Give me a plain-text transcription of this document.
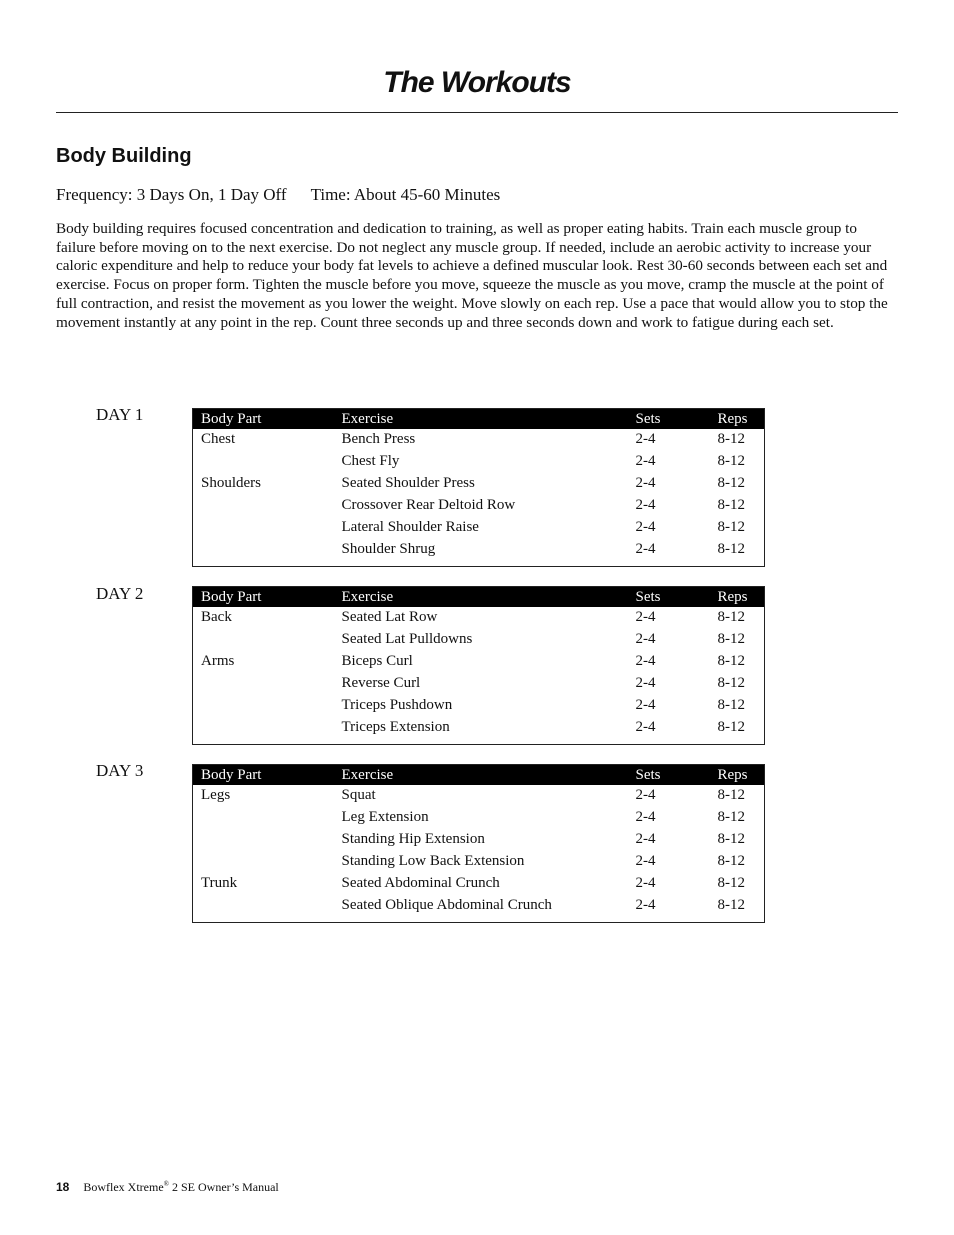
The Workouts
Body Building
Frequency: 3 Days On, 1 Day Off Time: About 45-60 Minutes

Body building requires focused concentration and dedication to training, as well as proper eating habits. Train each muscle group to failure before moving on to the next exercise. Do not neglect any muscle group. If needed, include an aerobic activity to increase your caloric expenditure and help to reduce your body fat levels to achieve a defined muscular look. Rest 30-60 seconds between each set and exercise. Focus on proper form. Tighten the muscle before you move, squeeze the muscle as you move, cramp the muscle at the point of full contraction, and resist the movement as you lower the weight. Move slowly on each rep. Use a pace that would allow you to stop the movement instantly at any point in the rep. Count three seconds up and three seconds down and work to fatigue during each set.

DAY 1	Body Part	Exercise	Sets	Reps
Chest	Bench Press	2-4	8-12
	Chest Fly	2-4	8-12
Shoulders	Seated Shoulder Press	2-4	8-12
	Crossover Rear Deltoid Row	2-4	8-12
	Lateral Shoulder Raise	2-4	8-12
	Shoulder Shrug	2-4	8-12
DAY 2	Body Part	Exercise	Sets	Reps
Back	Seated Lat Row	2-4	8-12
	Seated Lat Pulldowns	2-4	8-12
Arms	Biceps Curl	2-4	8-12
	Reverse Curl	2-4	8-12
	Triceps Pushdown	2-4	8-12
	Triceps Extension	2-4	8-12
DAY 3	Body Part	Exercise	Sets	Reps
Legs	Squat	2-4	8-12
	Leg Extension	2-4	8-12
	Standing Hip Extension	2-4	8-12
	Standing Low Back Extension	2-4	8-12
Trunk	Seated Abdominal Crunch	2-4	8-12
	Seated Oblique Abdominal Crunch	2-4	8-12
18 Bowflex Xtreme® 2 SE Owner’s Manual
